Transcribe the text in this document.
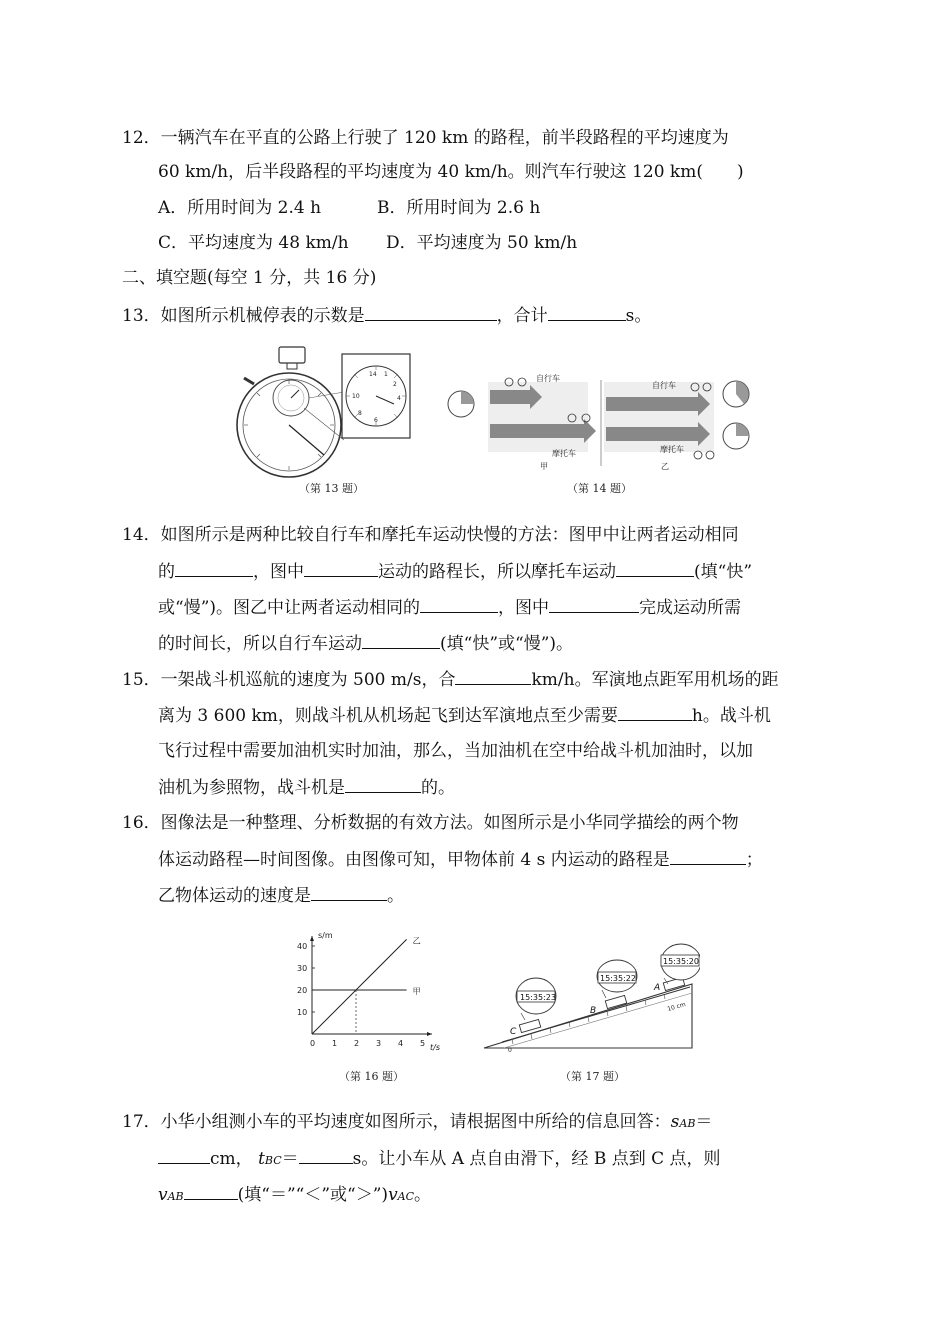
12．一辆汽车在平直的公路上行驶了 120 km 的路程，前半段路程的平均速度为
60 km/h，后半段路程的平均速度为 40 km/h。则汽车行驶这 120 km(　　)
A．所用时间为 2.4 h	B．所用时间为 2.6 h
C．平均速度为 48 km/h D．平均速度为 50 km/h
二、填空题(每空 1 分，共 16 分)
13．如图所示机械停表的示数是	，合计	s。
14 1
2
4
10
8
6
（第 13 题）
自行车
摩托车
甲
自行车
摩托车
乙
（第 14 题）
14．如图所示是两种比较自行车和摩托车运动快慢的方法：图甲中让两者运动相同
的	，图中	运动的路程长，所以摩托车运动	(填“快”
或“慢”)。图乙中让两者运动相同的	，图中	完成运动所需
的时间长，所以自行车运动	(填“快”或“慢”)。
15．一架战斗机巡航的速度为 500 m/s，合	km/h。军演地点距军用机场的距
离为 3 600 km，则战斗机从机场起飞到达军演地点至少需要	h。战斗机
飞行过程中需要加油机实时加油，那么，当加油机在空中给战斗机加油时，以加
油机为参照物，战斗机是	的。
16．图像法是一种整理、分析数据的有效方法。如图所示是小华同学描绘的两个物
体运动路程—时间图像。由图像可知，甲物体前 4 s 内运动的路程是	；
乙物体运动的速度是	。
s/m
t/s
0 1 2 3 4 5
10
20
30
40
乙
甲
（第 16 题）
0
10 cm
15:35:23
15:35:22
15:35:20
C
B
A
（第 17 题）
17．小华小组测小车的平均速度如图所示，请根据图中所给的信息回答：sAB＝
cm， tBC＝	s。让小车从 A 点自由滑下，经 B 点到 C 点，则
vAB	(填“＝”“＜”或“＞”)vAC。
